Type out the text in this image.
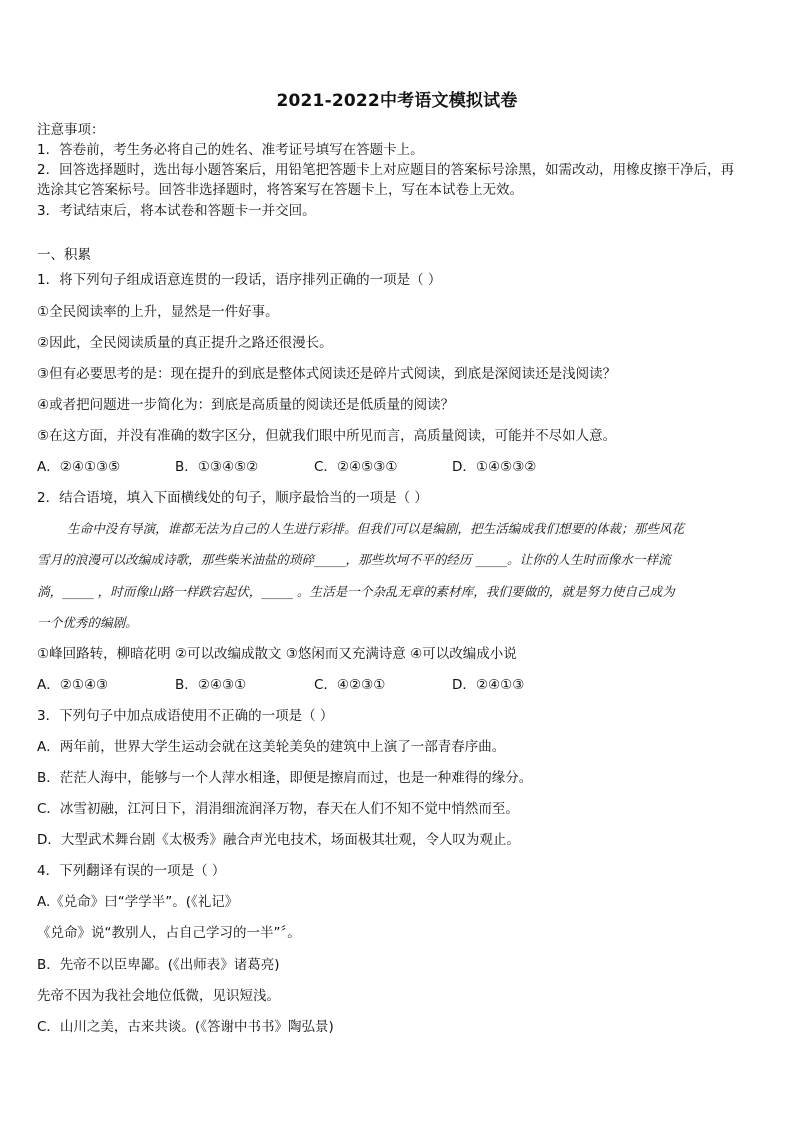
2021-2022中考语文模拟试卷
注意事项：
1．答卷前，考生务必将自己的姓名、准考证号填写在答题卡上。
2．回答选择题时，选出每小题答案后，用铅笔把答题卡上对应题目的答案标号涂黑，如需改动，用橡皮擦干净后，再
选涂其它答案标号。回答非选择题时，将答案写在答题卡上，写在本试卷上无效。
3．考试结束后，将本试卷和答题卡一并交回。
一、积累
1．将下列句子组成语意连贯的一段话，语序排列正确的一项是（ ）
①全民阅读率的上升，显然是一件好事。
②因此，全民阅读质量的真正提升之路还很漫长。
③但有必要思考的是：现在提升的到底是整体式阅读还是碎片式阅读，到底是深阅读还是浅阅读？
④或者把问题进一步简化为：到底是高质量的阅读还是低质量的阅读？
⑤在这方面，并没有准确的数字区分，但就我们眼中所见而言，高质量阅读，可能并不尽如人意。
A．②④①③⑤	B．①③④⑤②	C．②④⑤③①	D．①④⑤③②
2．结合语境，填入下面横线处的句子，顺序最恰当的一项是（ ）
生命中没有导演，谁都无法为自己的人生进行彩排。但我们可以是编剧，把生活编成我们想要的体裁；那些风花
雪月的浪漫可以改编成诗歌，那些柴米油盐的琐碎_____，那些坎坷不平的经历 _____。让你的人生时而像水一样流
淌，_____ ，时而像山路一样跌宕起伏，_____ 。生活是一个杂乱无章的素材库，我们要做的，就是努力使自己成为
一个优秀的编剧。
①峰回路转，柳暗花明 ②可以改编成散文 ③悠闲而又充满诗意 ④可以改编成小说
A．②①④③	B．②④③①	C．④②③①	D．②④①③
3．下列句子中加点成语使用不正确的一项是（ ）
A．两年前，世界大学生运动会就在这美轮美奂的建筑中上演了一部青春序曲。
B．茫茫人海中，能够与一个人萍水相逢，即便是擦肩而过，也是一种难得的缘分。
C．冰雪初融，江河日下，涓涓细流润泽万物，春天在人们不知不觉中悄然而至。
D．大型武术舞台剧《太极秀》融合声光电技术，场面极其壮观，令人叹为观止。
4．下列翻译有误的一项是（ ）
A.《兑命》曰“学学半”。(《礼记》
《兑命》说“教别人，占自己学习的一半”〞。
B．先帝不以臣卑鄙。(《出师表》诸葛亮)
先帝不因为我社会地位低微，见识短浅。
C．山川之美，古来共谈。(《答谢中书书》陶弘景)
